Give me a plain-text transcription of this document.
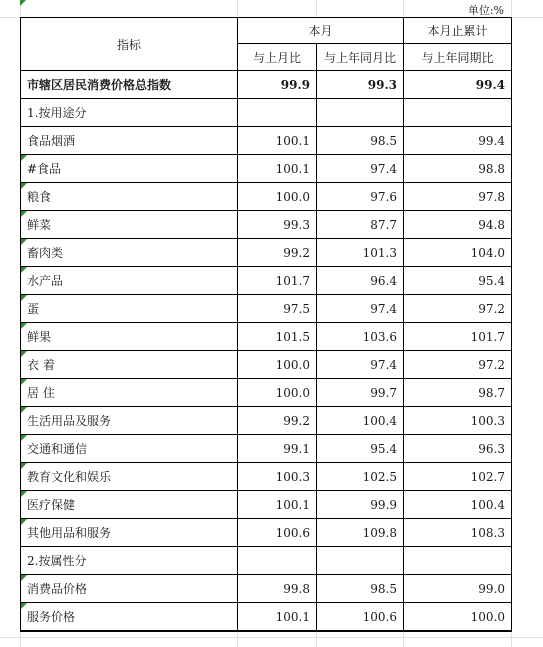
单位:%
指标	本月		本月止累计
	与上月比	与上年同月比	与上年同期比
市辖区居民消费价格总指数	99.9	99.3	99.4
1.按用途分			
食品烟酒	100.1	98.5	99.4

#食品	100.1	97.4	98.8

粮食	100.0	97.6	97.8

鲜菜	99.3	87.7	94.8

畜肉类	99.2	101.3	104.0

水产品	101.7	96.4	95.4

蛋	97.5	97.4	97.2

鲜果	101.5	103.6	101.7

衣 着	100.0	97.4	97.2

居 住	100.0	99.7	98.7

生活用品及服务	99.2	100.4	100.3

交通和通信	99.1	95.4	96.3

教育文化和娱乐	100.3	102.5	102.7

医疗保健	100.1	99.9	100.4

其他用品和服务	100.6	109.8	108.3
2.按属性分			

消费品价格	99.8	98.5	99.0

服务价格	100.1	100.6	100.0
